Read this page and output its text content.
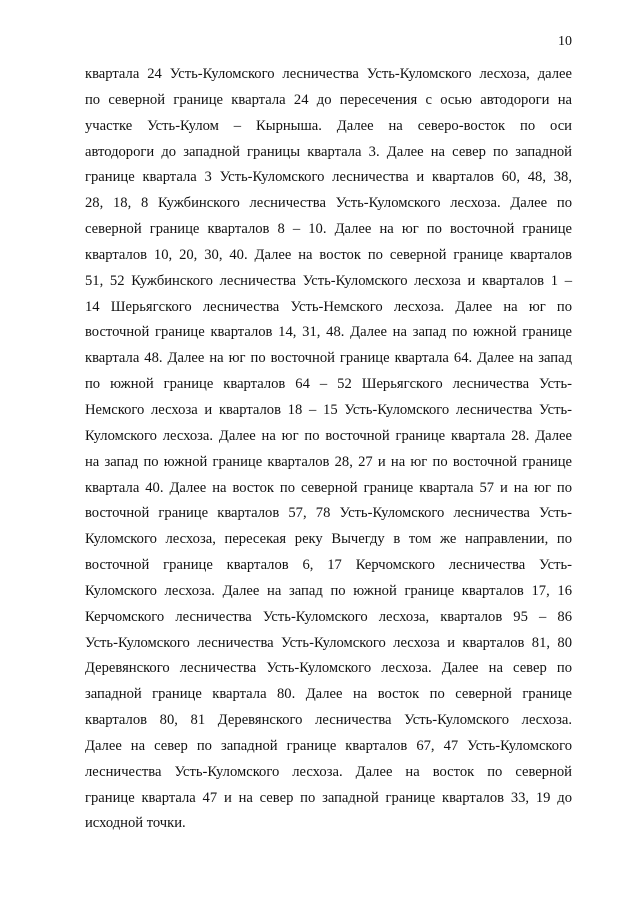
10
квартала 24 Усть-Куломского лесничества Усть-Куломского лесхоза, далее
по северной границе квартала 24 до пересечения с осью автодороги на
участке Усть-Кулом – Кырныша. Далее на северо-восток по оси
автодороги до западной границы квартала 3. Далее на север по западной
границе квартала 3 Усть-Куломского лесничества и кварталов 60, 48, 38,
28, 18, 8 Кужбинского лесничества Усть-Куломского лесхоза. Далее по
северной границе кварталов 8 – 10. Далее на юг по восточной границе
кварталов 10, 20, 30, 40. Далее на восток по северной границе кварталов
51, 52 Кужбинского лесничества Усть-Куломского лесхоза и кварталов 1 –
14 Шерьягского лесничества Усть-Немского лесхоза. Далее на юг по
восточной границе кварталов 14, 31, 48. Далее на запад по южной границе
квартала 48. Далее на юг по восточной границе квартала 64. Далее на запад
по южной границе кварталов 64 – 52 Шерьягского лесничества Усть-
Немского лесхоза и кварталов 18 – 15 Усть-Куломского лесничества Усть-
Куломского лесхоза. Далее на юг по восточной границе квартала 28. Далее
на запад по южной границе кварталов 28, 27 и на юг по восточной границе
квартала 40. Далее на восток по северной границе квартала 57 и на юг по
восточной границе кварталов 57, 78 Усть-Куломского лесничества Усть-
Куломского лесхоза, пересекая реку Вычегду в том же направлении, по
восточной границе кварталов 6, 17 Керчомского лесничества Усть-
Куломского лесхоза. Далее на запад по южной границе кварталов 17, 16
Керчомского лесничества Усть-Куломского лесхоза, кварталов 95 – 86
Усть-Куломского лесничества Усть-Куломского лесхоза и кварталов 81, 80
Деревянского лесничества Усть-Куломского лесхоза. Далее на север по
западной границе квартала 80. Далее на восток по северной границе
кварталов 80, 81 Деревянского лесничества Усть-Куломского лесхоза.
Далее на север по западной границе кварталов 67, 47 Усть-Куломского
лесничества Усть-Куломского лесхоза. Далее на восток по северной
границе квартала 47 и на север по западной границе кварталов 33, 19 до
исходной точки.
